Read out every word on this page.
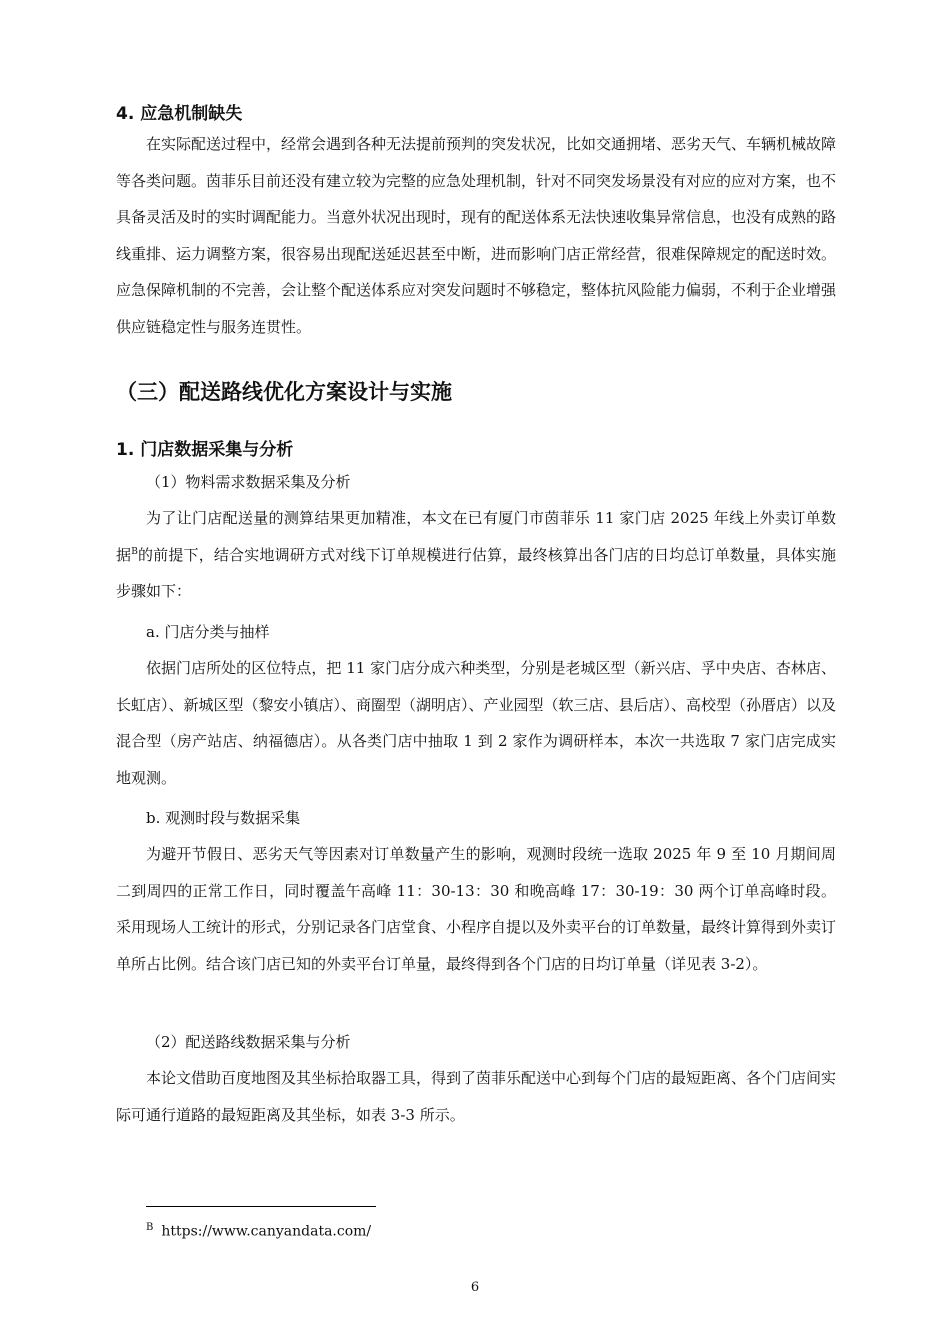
4. 应急机制缺失
在实际配送过程中，经常会遇到各种无法提前预判的突发状况，比如交通拥堵、恶劣天气、车辆机械故障等各类问题。茵菲乐目前还没有建立较为完整的应急处理机制，针对不同突发场景没有对应的应对方案，也不具备灵活及时的实时调配能力。当意外状况出现时，现有的配送体系无法快速收集异常信息，也没有成熟的路线重排、运力调整方案，很容易出现配送延迟甚至中断，进而影响门店正常经营，很难保障规定的配送时效。应急保障机制的不完善，会让整个配送体系应对突发问题时不够稳定，整体抗风险能力偏弱，不利于企业增强供应链稳定性与服务连贯性。
（三）配送路线优化方案设计与实施
1. 门店数据采集与分析
（1）物料需求数据采集及分析
为了让门店配送量的测算结果更加精准，本文在已有厦门市茵菲乐 11 家门店 2025 年线上外卖订单数据$^B$的前提下，结合实地调研方式对线下订单规模进行估算，最终核算出各门店的日均总订单数量，具体实施步骤如下：
a. 门店分类与抽样
依据门店所处的区位特点，把 11 家门店分成六种类型，分别是老城区型（新兴店、孚中央店、杏林店、长虹店）、新城区型（黎安小镇店）、商圈型（湖明店）、产业园型（软三店、县后店）、高校型（孙厝店）以及混合型（房产站店、纳福德店）。从各类门店中抽取 1 到 2 家作为调研样本，本次一共选取 7 家门店完成实地观测。
b. 观测时段与数据采集
为避开节假日、恶劣天气等因素对订单数量产生的影响，观测时段统一选取 2025 年 9 至 10 月期间周二到周四的正常工作日，同时覆盖午高峰 11：30-13：30 和晚高峰 17：30-19：30 两个订单高峰时段。采用现场人工统计的形式，分别记录各门店堂食、小程序自提以及外卖平台的订单数量，最终计算得到外卖订单所占比例。结合该门店已知的外卖平台订单量，最终得到各个门店的日均订单量（详见表 3-2）。
（2）配送路线数据采集与分析
本论文借助百度地图及其坐标拾取器工具，得到了茵菲乐配送中心到每个门店的最短距离、各个门店间实际可通行道路的最短距离及其坐标，如表 3-3 所示。
$^B$ https://www.canyandata.com/
6
